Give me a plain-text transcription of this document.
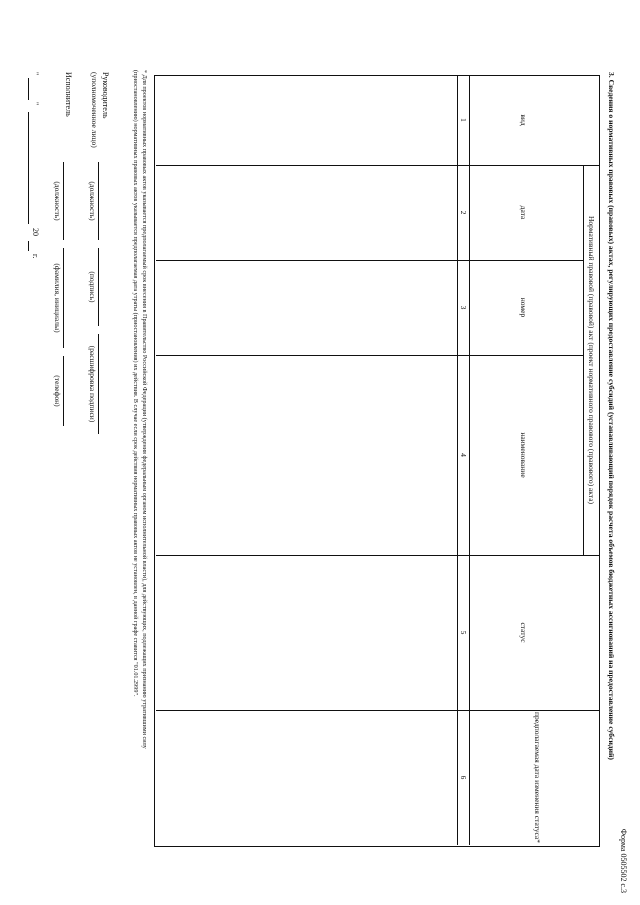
Форма 0505502 с.3
3. Сведения о нормативных правовых (правовых) актах, регулирующих предоставление субсидий (устанавливающий порядок расчета объемов бюджетных ассигнований на предоставление субсидий)
Нормативный правовой (правовой) акт (проект нормативного правового (правового) акта)
вид
дата
номер
наименование
статус
предполагаемая дата изменения статуса*
1
2
3
4
5
6
* Для проектов нормативных правовых актов указывается предполагаемый срок внесения в Правительство Российской Федерации (утверждения федеральным органом исполнительной власти), для действующих, подлежащих признанию утратившими силу
(приостановлению) нормативных правовых актов указывается предполагаемая дата утраты (приостановления) их действия. В случае если срок действия нормативных правовых актов не установлен, в данной графе ставится "01.01.2999".
Руководитель
(уполномоченное лицо)
(должность)
(подпись)
(расшифровка подписи)
Исполнитель
(должность)
(фамилия, инициалы)
(телефон)
"
"
20
г.
